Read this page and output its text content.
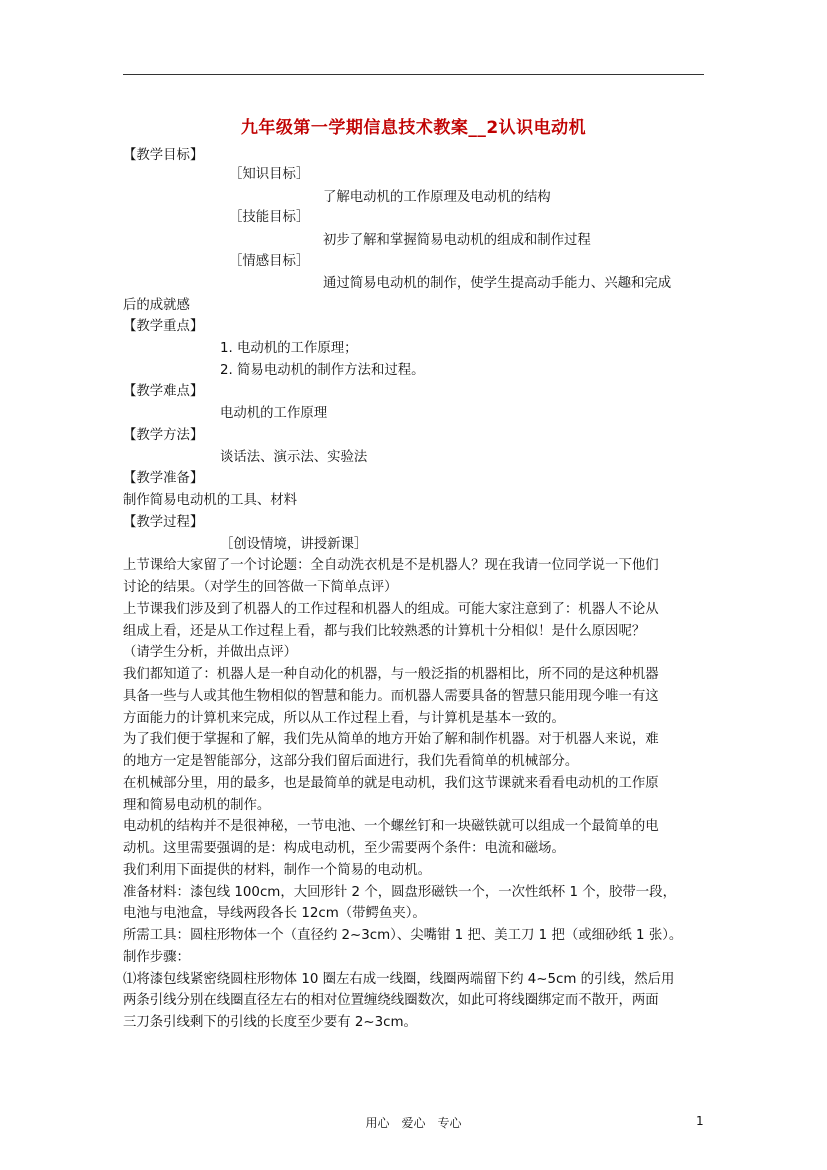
九年级第一学期信息技术教案__2认识电动机
【教学目标】
［知识目标］
了解电动机的工作原理及电动机的结构
［技能目标］
初步了解和掌握简易电动机的组成和制作过程
［情感目标］
通过简易电动机的制作，使学生提高动手能力、兴趣和完成
后的成就感
【教学重点】
1. 电动机的工作原理；
2. 简易电动机的制作方法和过程。
【教学难点】
电动机的工作原理
【教学方法】
谈话法、演示法、实验法
【教学准备】
制作简易电动机的工具、材料
【教学过程】
［创设情境，讲授新课］
上节课给大家留了一个讨论题：全自动洗衣机是不是机器人？现在我请一位同学说一下他们
讨论的结果。（对学生的回答做一下简单点评）
上节课我们涉及到了机器人的工作过程和机器人的组成。可能大家注意到了：机器人不论从
组成上看，还是从工作过程上看，都与我们比较熟悉的计算机十分相似！是什么原因呢？
（请学生分析，并做出点评）
我们都知道了：机器人是一种自动化的机器，与一般泛指的机器相比，所不同的是这种机器
具备一些与人或其他生物相似的智慧和能力。而机器人需要具备的智慧只能用现今唯一有这
方面能力的计算机来完成，所以从工作过程上看，与计算机是基本一致的。
为了我们便于掌握和了解，我们先从简单的地方开始了解和制作机器。对于机器人来说，难
的地方一定是智能部分，这部分我们留后面进行，我们先看简单的机械部分。
在机械部分里，用的最多，也是最简单的就是电动机，我们这节课就来看看电动机的工作原
理和简易电动机的制作。
电动机的结构并不是很神秘，一节电池、一个螺丝钉和一块磁铁就可以组成一个最简单的电
动机。这里需要强调的是：构成电动机，至少需要两个条件：电流和磁场。
我们利用下面提供的材料，制作一个简易的电动机。
准备材料：漆包线 100cm，大回形针 2 个，圆盘形磁铁一个，一次性纸杯 1 个，胶带一段，
电池与电池盒，导线两段各长 12cm（带鳄鱼夹）。
所需工具：圆柱形物体一个（直径约 2~3cm）、尖嘴钳 1 把、美工刀 1 把（或细砂纸 1 张）。
制作步骤：
⑴将漆包线紧密绕圆柱形物体 10 圈左右成一线圈，线圈两端留下约 4~5cm 的引线，然后用
两条引线分别在线圈直径左右的相对位置缠绕线圈数次，如此可将线圈绑定而不散开，两面
三刀条引线剩下的引线的长度至少要有 2~3cm。
用心　爱心　专心	1
